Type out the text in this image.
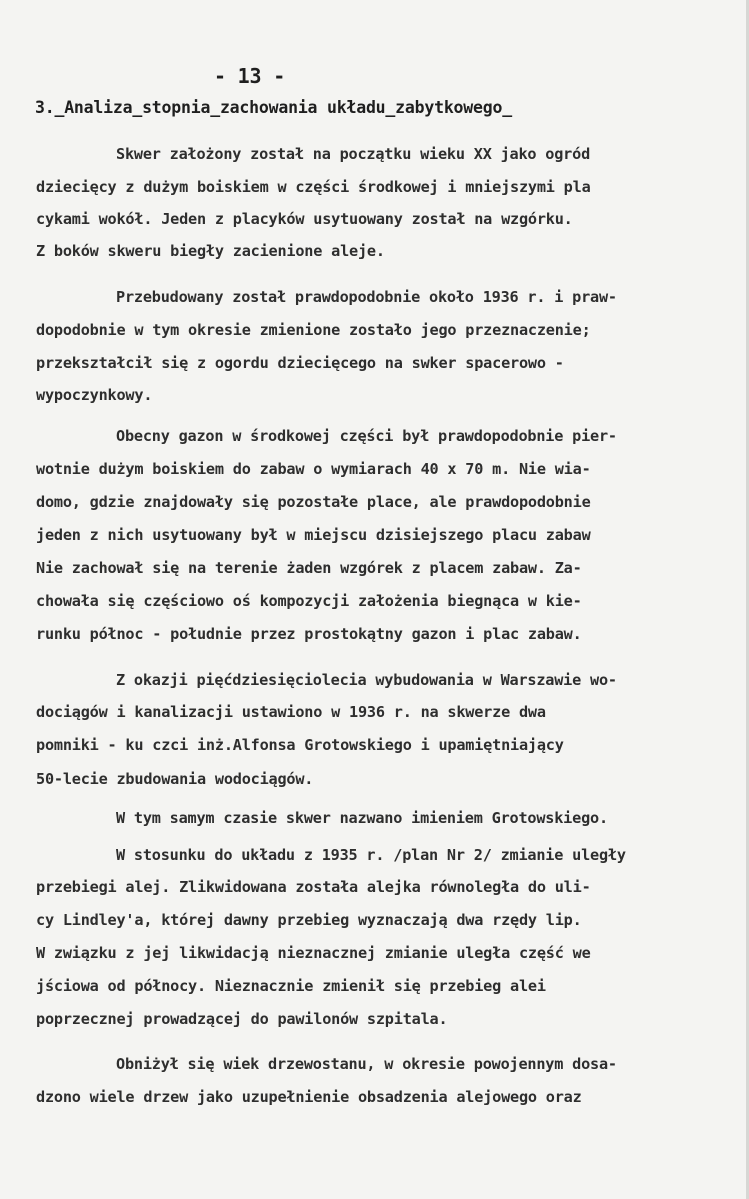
- 13 -
3._Analiza_stopnia_zachowania układu_zabytkowego_
Skwer założony został na początku wieku XX jako ogród
dziecięcy z dużym boiskiem w części środkowej i mniejszymi pla
cykami wokół. Jeden z placyków usytuowany został na wzgórku.
Z boków skweru biegły zacienione aleje.
Przebudowany został prawdopodobnie około 1936 r. i praw-
dopodobnie w tym okresie zmienione zostało jego przeznaczenie;
przekształcił się z ogordu dziecięcego na swker spacerowo -
wypoczynkowy.
Obecny gazon w środkowej części był prawdopodobnie pier-
wotnie dużym boiskiem do zabaw o wymiarach 40 x 70 m. Nie wia-
domo, gdzie znajdowały się pozostałe place, ale prawdopodobnie
jeden z nich usytuowany był w miejscu dzisiejszego placu zabaw
Nie zachował się na terenie żaden wzgórek z placem zabaw. Za-
chowała się częściowo oś kompozycji założenia biegnąca w kie-
runku północ - południe przez prostokątny gazon i plac zabaw.
Z okazji pięćdziesięciolecia wybudowania w Warszawie wo-
dociągów i kanalizacji ustawiono w 1936 r. na skwerze dwa
pomniki - ku czci inż.Alfonsa Grotowskiego i upamiętniający
50-lecie zbudowania wodociągów.
W tym samym czasie skwer nazwano imieniem Grotowskiego.
W stosunku do układu z 1935 r. /plan Nr 2/ zmianie uległy
przebiegi alej. Zlikwidowana została alejka równoległa do uli-
cy Lindley'a, której dawny przebieg wyznaczają dwa rzędy lip.
W związku z jej likwidacją nieznacznej zmianie uległa część we
jściowa od północy. Nieznacznie zmienił się przebieg alei
poprzecznej prowadzącej do pawilonów szpitala.
Obniżył się wiek drzewostanu, w okresie powojennym dosa-
dzono wiele drzew jako uzupełnienie obsadzenia alejowego oraz
